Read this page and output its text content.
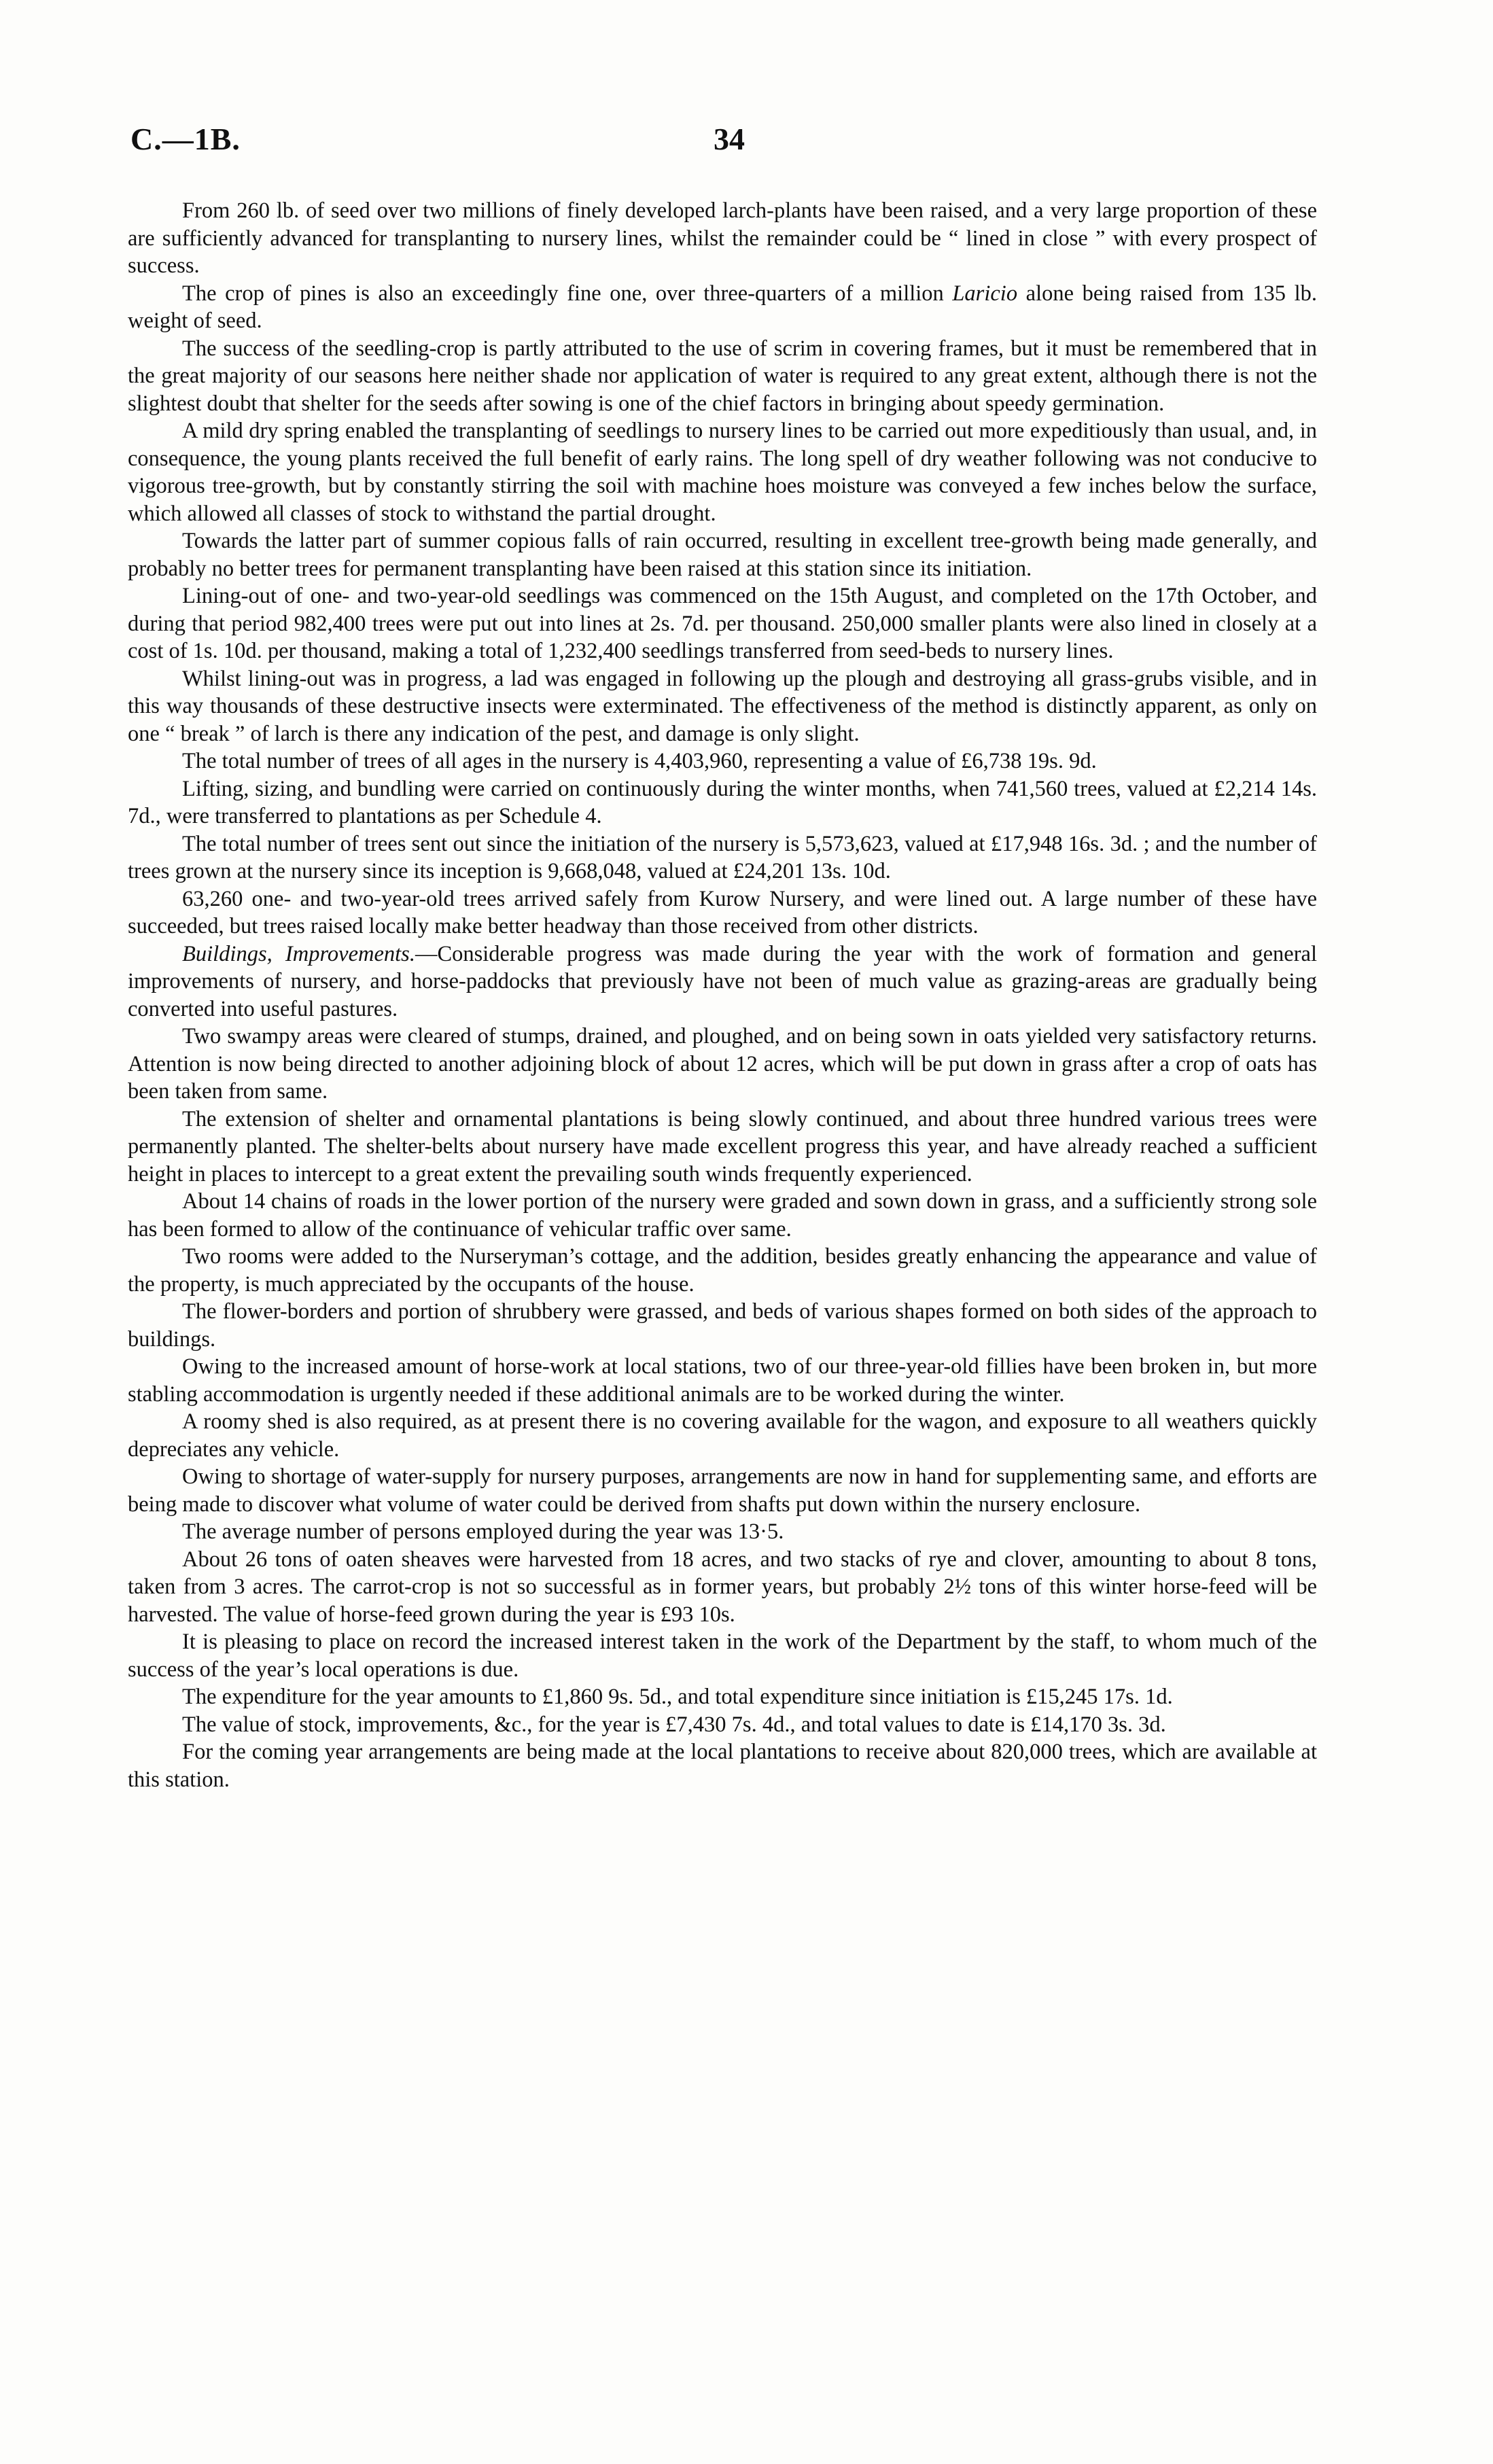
C.—1B.	34

From 260 lb. of seed over two millions of finely developed larch-plants have been raised, and a very large proportion of these are sufficiently advanced for transplanting to nursery lines, whilst the remainder could be “ lined in close ” with every prospect of success.

The crop of pines is also an exceedingly fine one, over three-quarters of a million Laricio alone being raised from 135 lb. weight of seed.

The success of the seedling-crop is partly attributed to the use of scrim in covering frames, but it must be remembered that in the great majority of our seasons here neither shade nor application of water is required to any great extent, although there is not the slightest doubt that shelter for the seeds after sowing is one of the chief factors in bringing about speedy germination.

A mild dry spring enabled the transplanting of seedlings to nursery lines to be carried out more expeditiously than usual, and, in consequence, the young plants received the full benefit of early rains. The long spell of dry weather following was not conducive to vigorous tree-growth, but by constantly stirring the soil with machine hoes moisture was conveyed a few inches below the surface, which allowed all classes of stock to withstand the partial drought.

Towards the latter part of summer copious falls of rain occurred, resulting in excellent tree-growth being made generally, and probably no better trees for permanent transplanting have been raised at this station since its initiation.

Lining-out of one- and two-year-old seedlings was commenced on the 15th August, and completed on the 17th October, and during that period 982,400 trees were put out into lines at 2s. 7d. per thousand. 250,000 smaller plants were also lined in closely at a cost of 1s. 10d. per thousand, making a total of 1,232,400 seedlings transferred from seed-beds to nursery lines.

Whilst lining-out was in progress, a lad was engaged in following up the plough and destroying all grass-grubs visible, and in this way thousands of these destructive insects were exterminated. The effectiveness of the method is distinctly apparent, as only on one “ break ” of larch is there any indication of the pest, and damage is only slight.

The total number of trees of all ages in the nursery is 4,403,960, representing a value of £6,738 19s. 9d.

Lifting, sizing, and bundling were carried on continuously during the winter months, when 741,560 trees, valued at £2,214 14s. 7d., were transferred to plantations as per Schedule 4.

The total number of trees sent out since the initiation of the nursery is 5,573,623, valued at £17,948 16s. 3d. ; and the number of trees grown at the nursery since its inception is 9,668,048, valued at £24,201 13s. 10d.

63,260 one- and two-year-old trees arrived safely from Kurow Nursery, and were lined out. A large number of these have succeeded, but trees raised locally make better headway than those received from other districts.

Buildings, Improvements.—Considerable progress was made during the year with the work of formation and general improvements of nursery, and horse-paddocks that previously have not been of much value as grazing-areas are gradually being converted into useful pastures.

Two swampy areas were cleared of stumps, drained, and ploughed, and on being sown in oats yielded very satisfactory returns. Attention is now being directed to another adjoining block of about 12 acres, which will be put down in grass after a crop of oats has been taken from same.

The extension of shelter and ornamental plantations is being slowly continued, and about three hundred various trees were permanently planted. The shelter-belts about nursery have made excellent progress this year, and have already reached a sufficient height in places to intercept to a great extent the prevailing south winds frequently experienced.

About 14 chains of roads in the lower portion of the nursery were graded and sown down in grass, and a sufficiently strong sole has been formed to allow of the continuance of vehicular traffic over same.

Two rooms were added to the Nurseryman’s cottage, and the addition, besides greatly enhancing the appearance and value of the property, is much appreciated by the occupants of the house.

The flower-borders and portion of shrubbery were grassed, and beds of various shapes formed on both sides of the approach to buildings.

Owing to the increased amount of horse-work at local stations, two of our three-year-old fillies have been broken in, but more stabling accommodation is urgently needed if these additional animals are to be worked during the winter.

A roomy shed is also required, as at present there is no covering available for the wagon, and exposure to all weathers quickly depreciates any vehicle.

Owing to shortage of water-supply for nursery purposes, arrangements are now in hand for supplementing same, and efforts are being made to discover what volume of water could be derived from shafts put down within the nursery enclosure.

The average number of persons employed during the year was 13·5.

About 26 tons of oaten sheaves were harvested from 18 acres, and two stacks of rye and clover, amounting to about 8 tons, taken from 3 acres. The carrot-crop is not so successful as in former years, but probably 2½ tons of this winter horse-feed will be harvested. The value of horse-feed grown during the year is £93 10s.

It is pleasing to place on record the increased interest taken in the work of the Department by the staff, to whom much of the success of the year’s local operations is due.

The expenditure for the year amounts to £1,860 9s. 5d., and total expenditure since initiation is £15,245 17s. 1d.

The value of stock, improvements, &c., for the year is £7,430 7s. 4d., and total values to date is £14,170 3s. 3d.

For the coming year arrangements are being made at the local plantations to receive about 820,000 trees, which are available at this station.
